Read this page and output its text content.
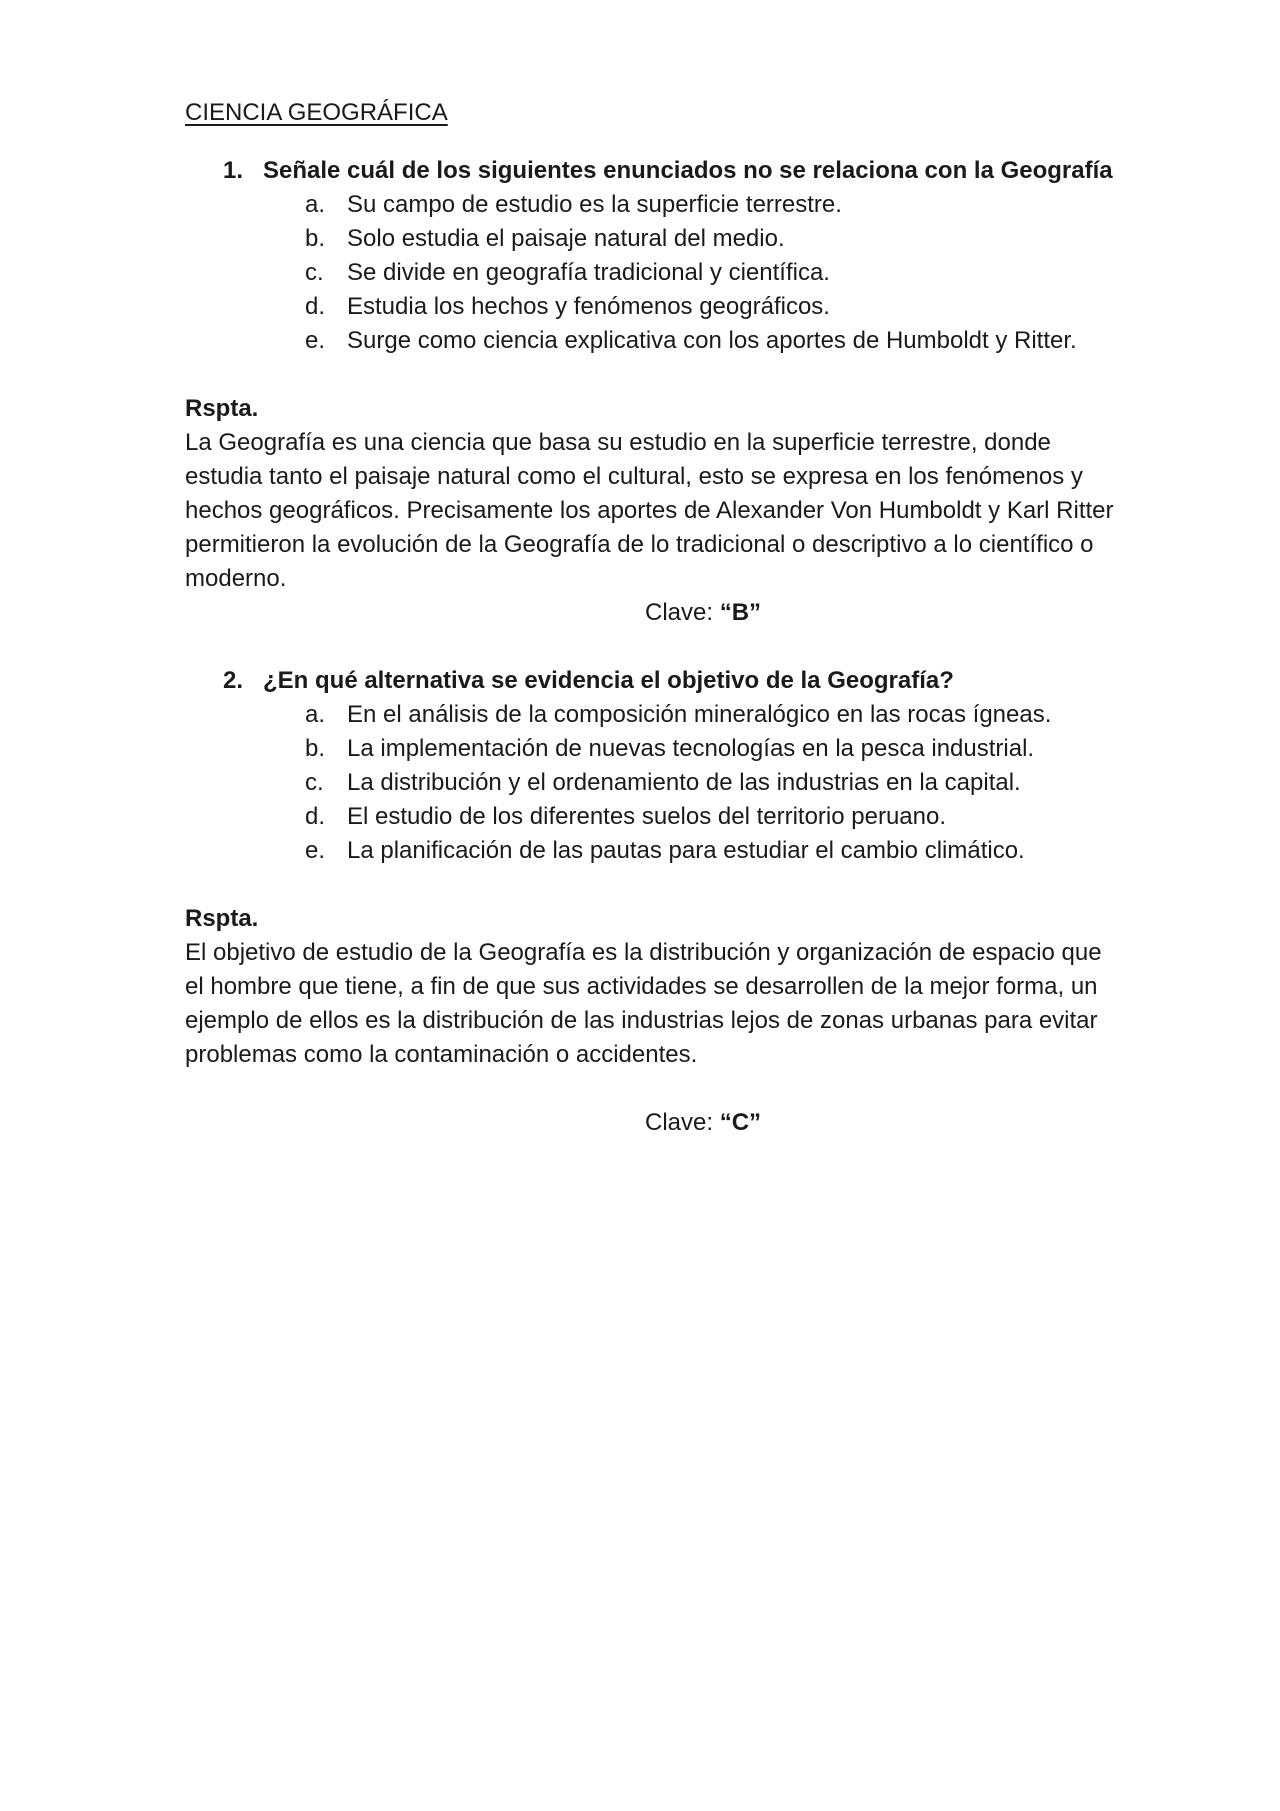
CIENCIA GEOGRÁFICA
1. Señale cuál de los siguientes enunciados no se relaciona con la Geografía
a. Su campo de estudio es la superficie terrestre.
b. Solo estudia el paisaje natural del medio.
c. Se divide en geografía tradicional y científica.
d. Estudia los hechos y fenómenos geográficos.
e. Surge como ciencia explicativa con los aportes de Humboldt y Ritter.
Rspta.

La Geografía es una ciencia que basa su estudio en la superficie terrestre, donde estudia tanto el paisaje natural como el cultural, esto se expresa en los fenómenos y hechos geográficos. Precisamente los aportes de Alexander Von Humboldt y Karl Ritter permitieron la evolución de la Geografía de lo tradicional o descriptivo a lo científico o moderno.

Clave: “B”
2. ¿En qué alternativa se evidencia el objetivo de la Geografía?
a. En el análisis de la composición mineralógico en las rocas ígneas.
b. La implementación de nuevas tecnologías en la pesca industrial.
c. La distribución y el ordenamiento de las industrias en la capital.
d. El estudio de los diferentes suelos del territorio peruano.
e. La planificación de las pautas para estudiar el cambio climático.
Rspta.

El objetivo de estudio de la Geografía es la distribución y organización de espacio que el hombre que tiene, a fin de que sus actividades se desarrollen de la mejor forma, un ejemplo de ellos es la distribución de las industrias lejos de zonas urbanas para evitar problemas como la contaminación o accidentes.

Clave: “C”
